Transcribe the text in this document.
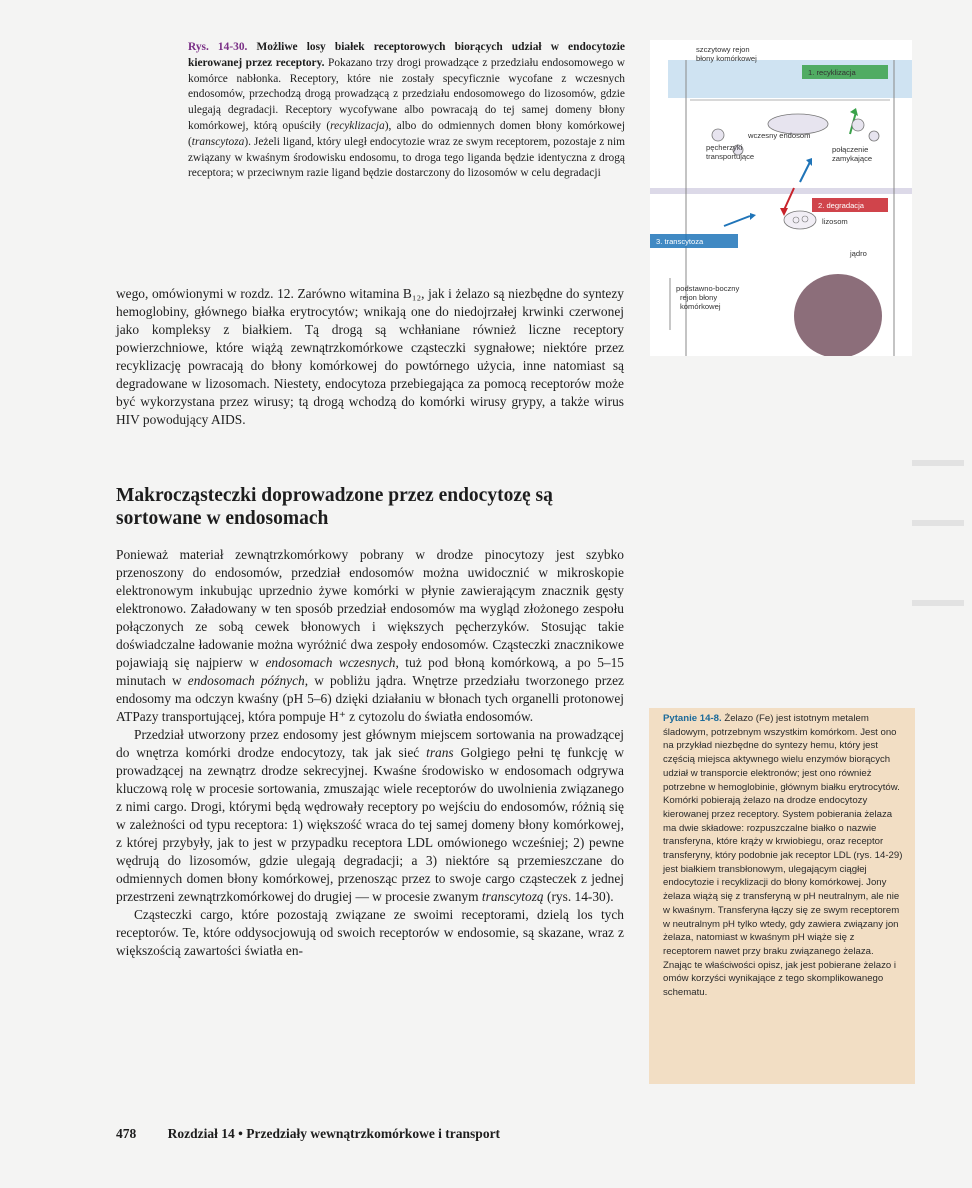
Rys. 14-30. Możliwe losy białek receptorowych biorących udział w endocytozie kierowanej przez receptory. Pokazano trzy drogi prowadzące z przedziału endosomowego w komórce nabłonka. Receptory, które nie zostały specyficznie wycofane z wczesnych endosomów, przechodzą drogą prowadzącą z przedziału endosomowego do lizosomów, gdzie ulegają degradacji. Receptory wycofywane albo powracają do tej samej domeny błony komórkowej, którą opuściły (recyklizacja), albo do odmiennych domen błony komórkowej (transcytoza). Jeżeli ligand, który uległ endocytozie wraz ze swym receptorem, pozostaje z nim związany w kwaśnym środowisku endosomu, to droga tego liganda będzie identyczna z drogą receptora; w przeciwnym razie ligand będzie dostarczony do lizosomów w celu degradacji
szczytowy rejon błony komórkowej
1. recyklizacja
wczesny endosom
pęcherzyki transportujące
połączenie zamykające
2. degradacja
lizosom
3. transcytoza
jądro
podstawno-boczny rejon błony komórkowej

wego, omówionymi w rozdz. 12. Zarówno witamina B₁₂, jak i żelazo są niezbędne do syntezy hemoglobiny, głównego białka erytrocytów; wnikają one do niedojrzałej krwinki czerwonej jako kompleksy z białkiem. Tą drogą są wchłaniane również liczne receptory powierzchniowe, które wiążą zewnątrzkomórkowe cząsteczki sygnałowe; niektóre przez recyklizację powracają do błony komórkowej do powtórnego użycia, inne natomiast są degradowane w lizosomach. Niestety, endocytoza przebiegająca za pomocą receptorów może być wykorzystana przez wirusy; tą drogą wchodzą do komórki wirusy grypy, a także wirus HIV powodujący AIDS.

Makrocząsteczki doprowadzone przez endocytozę są sortowane w endosomach

Ponieważ materiał zewnątrzkomórkowy pobrany w drodze pinocytozy jest szybko przenoszony do endosomów, przedział endosomów można uwidocznić w mikroskopie elektronowym inkubując uprzednio żywe komórki w płynie zawierającym znacznik gęsty elektronowo. Załadowany w ten sposób przedział endosomów ma wygląd złożonego zespołu połączonych ze sobą cewek błonowych i większych pęcherzyków. Stosując takie doświadczalne ładowanie można wyróżnić dwa zespoły endosomów. Cząsteczki znacznikowe pojawiają się najpierw w endosomach wczesnych, tuż pod błoną komórkową, a po 5–15 minutach w endosomach późnych, w pobliżu jądra. Wnętrze przedziału tworzonego przez endosomy ma odczyn kwaśny (pH 5–6) dzięki działaniu w błonach tych organelli protonowej ATPazy transportującej, która pompuje H⁺ z cytozolu do światła endosomów.

Przedział utworzony przez endosomy jest głównym miejscem sortowania na prowadzącej do wnętrza komórki drodze endocytozy, tak jak sieć trans Golgiego pełni tę funkcję w prowadzącej na zewnątrz drodze sekrecyjnej. Kwaśne środowisko w endosomach odgrywa kluczową rolę w procesie sortowania, zmuszając wiele receptorów do uwolnienia związanego z nimi cargo. Drogi, którymi będą wędrowały receptory po wejściu do endosomów, różnią się w zależności od typu receptora: 1) większość wraca do tej samej domeny błony komórkowej, z której przybyły, jak to jest w przypadku receptora LDL omówionego wcześniej; 2) pewne wędrują do lizosomów, gdzie ulegają degradacji; a 3) niektóre są przemieszczane do odmiennych domen błony komórkowej, przenosząc przez to swoje cargo cząsteczek z jednej przestrzeni zewnątrzkomórkowej do drugiej — w procesie zwanym transcytozą (rys. 14-30).

Cząsteczki cargo, które pozostają związane ze swoimi receptorami, dzielą los tych receptorów. Te, które oddysocjowują od swoich receptorów w endosomie, są skazane, wraz z większością zawartości światła en-

Pytanie 14-8. Żelazo (Fe) jest istotnym metalem śladowym, potrzebnym wszystkim komórkom. Jest ono na przykład niezbędne do syntezy hemu, który jest częścią miejsca aktywnego wielu enzymów biorących udział w transporcie elektronów; jest ono również potrzebne w hemoglobinie, głównym białku erytrocytów. Komórki pobierają żelazo na drodze endocytozy kierowanej przez receptory. System pobierania żelaza ma dwie składowe: rozpuszczalne białko o nazwie transferyna, które krąży w krwiobiegu, oraz receptor transferyny, który podobnie jak receptor LDL (rys. 14-29) jest białkiem transbłonowym, ulegającym ciągłej endocytozie i recyklizacji do błony komórkowej. Jony żelaza wiążą się z transferyną w pH neutralnym, ale nie w kwaśnym. Transferyna łączy się ze swym receptorem w neutralnym pH tylko wtedy, gdy zawiera związany jon żelaza, natomiast w kwaśnym pH wiąże się z receptorem nawet przy braku związanego żelaza. Znając te właściwości opisz, jak jest pobierane żelazo i omów korzyści wynikające z tego skomplikowanego schematu.
478 Rozdział 14 • Przedziały wewnątrzkomórkowe i transport
